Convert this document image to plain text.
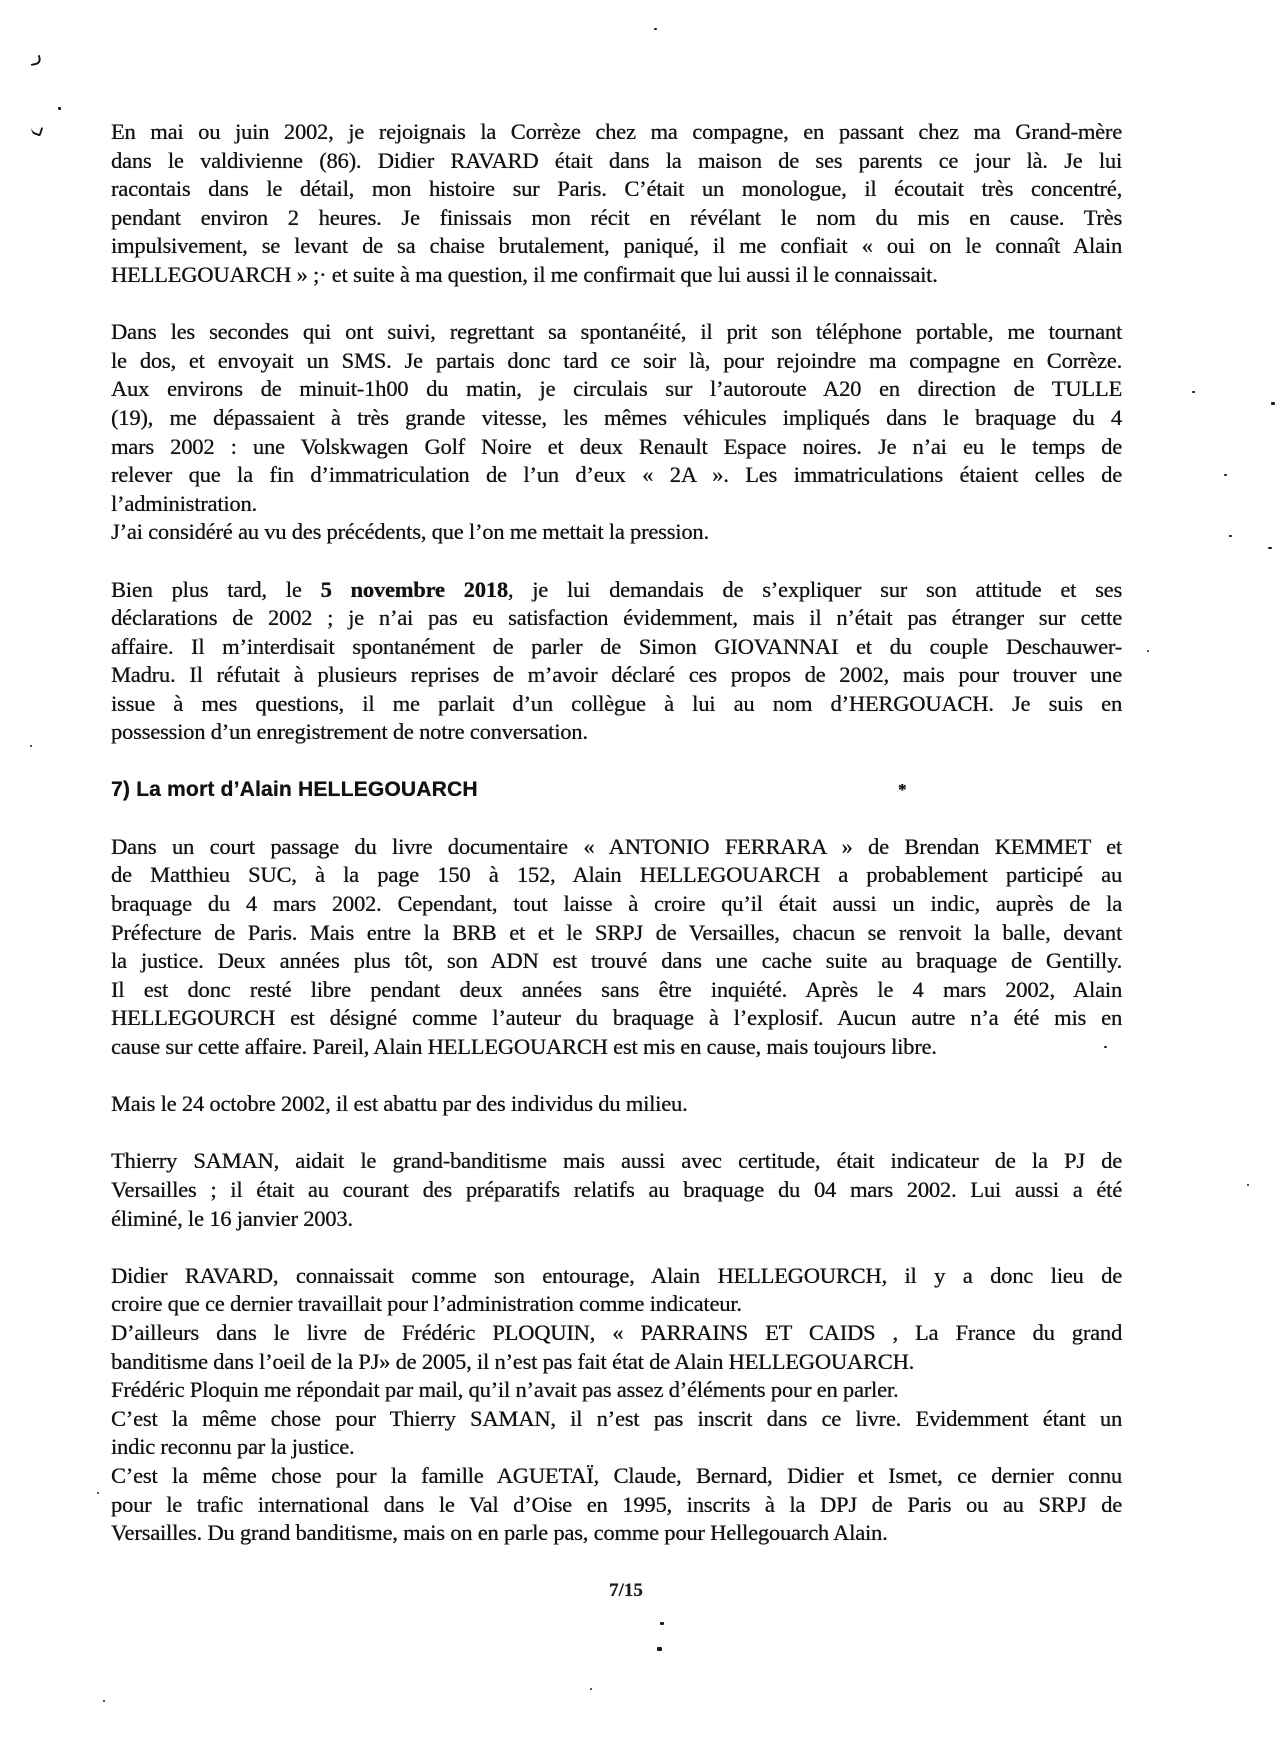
En mai ou juin 2002, je rejoignais la Corrèze chez ma compagne, en passant chez ma Grand-mère
dans le valdivienne (86). Didier RAVARD était dans la maison de ses parents ce jour là. Je lui
racontais dans le détail, mon histoire sur Paris. C’était un monologue, il écoutait très concentré,
pendant environ 2 heures. Je finissais mon récit en révélant le nom du mis en cause. Très
impulsivement, se levant de sa chaise brutalement, paniqué, il me confiait « oui on le connaît Alain
HELLEGOUARCH » ;· et suite à ma question, il me confirmait que lui aussi il le connaissait.
Dans les secondes qui ont suivi, regrettant sa spontanéité, il prit son téléphone portable, me tournant
le dos, et envoyait un SMS. Je partais donc tard ce soir là, pour rejoindre ma compagne en Corrèze.
Aux environs de minuit-1h00 du matin, je circulais sur l’autoroute A20 en direction de TULLE
(19), me dépassaient à très grande vitesse, les mêmes véhicules impliqués dans le braquage du 4
mars 2002 : une Volskwagen Golf Noire et deux Renault Espace noires. Je n’ai eu le temps de
relever que la fin d’immatriculation de l’un d’eux « 2A ». Les immatriculations étaient celles de
l’administration.
J’ai considéré au vu des précédents, que l’on me mettait la pression.
Bien plus tard, le 5 novembre 2018, je lui demandais de s’expliquer sur son attitude et ses
déclarations de 2002 ; je n’ai pas eu satisfaction évidemment, mais il n’était pas étranger sur cette
affaire. Il m’interdisait spontanément de parler de Simon GIOVANNAI et du couple Deschauwer-
Madru. Il réfutait à plusieurs reprises de m’avoir déclaré ces propos de 2002, mais pour trouver une
issue à mes questions, il me parlait d’un collègue à lui au nom d’HERGOUACH. Je suis en
possession d’un enregistrement de notre conversation.
7) La mort d’Alain HELLEGOUARCH	*
Dans un court passage du livre documentaire « ANTONIO FERRARA » de Brendan KEMMET et
de Matthieu SUC, à la page 150 à 152, Alain HELLEGOUARCH a probablement participé au
braquage du 4 mars 2002. Cependant, tout laisse à croire qu’il était aussi un indic, auprès de la
Préfecture de Paris. Mais entre la BRB et et le SRPJ de Versailles, chacun se renvoit la balle, devant
la justice. Deux années plus tôt, son ADN est trouvé dans une cache suite au braquage de Gentilly.
Il est donc resté libre pendant deux années sans être inquiété. Après le 4 mars 2002, Alain
HELLEGOURCH est désigné comme l’auteur du braquage à l’explosif. Aucun autre n’a été mis en
cause sur cette affaire. Pareil, Alain HELLEGOUARCH est mis en cause, mais toujours libre.
Mais le 24 octobre 2002, il est abattu par des individus du milieu.
Thierry SAMAN, aidait le grand-banditisme mais aussi avec certitude, était indicateur de la PJ de
Versailles ; il était au courant des préparatifs relatifs au braquage du 04 mars 2002. Lui aussi a été
éliminé, le 16 janvier 2003.
Didier RAVARD, connaissait comme son entourage, Alain HELLEGOURCH, il y a donc lieu de
croire que ce dernier travaillait pour l’administration comme indicateur.
D’ailleurs dans le livre de Frédéric PLOQUIN, « PARRAINS ET CAIDS , La France du grand
banditisme dans l’oeil de la PJ» de 2005, il n’est pas fait état de Alain HELLEGOUARCH.
Frédéric Ploquin me répondait par mail, qu’il n’avait pas assez d’éléments pour en parler.
C’est la même chose pour Thierry SAMAN, il n’est pas inscrit dans ce livre. Evidemment étant un
indic reconnu par la justice.
C’est la même chose pour la famille AGUETAÏ, Claude, Bernard, Didier et Ismet, ce dernier connu
pour le trafic international dans le Val d’Oise en 1995, inscrits à la DPJ de Paris ou au SRPJ de
Versailles. Du grand banditisme, mais on en parle pas, comme pour Hellegouarch Alain.
7/15
